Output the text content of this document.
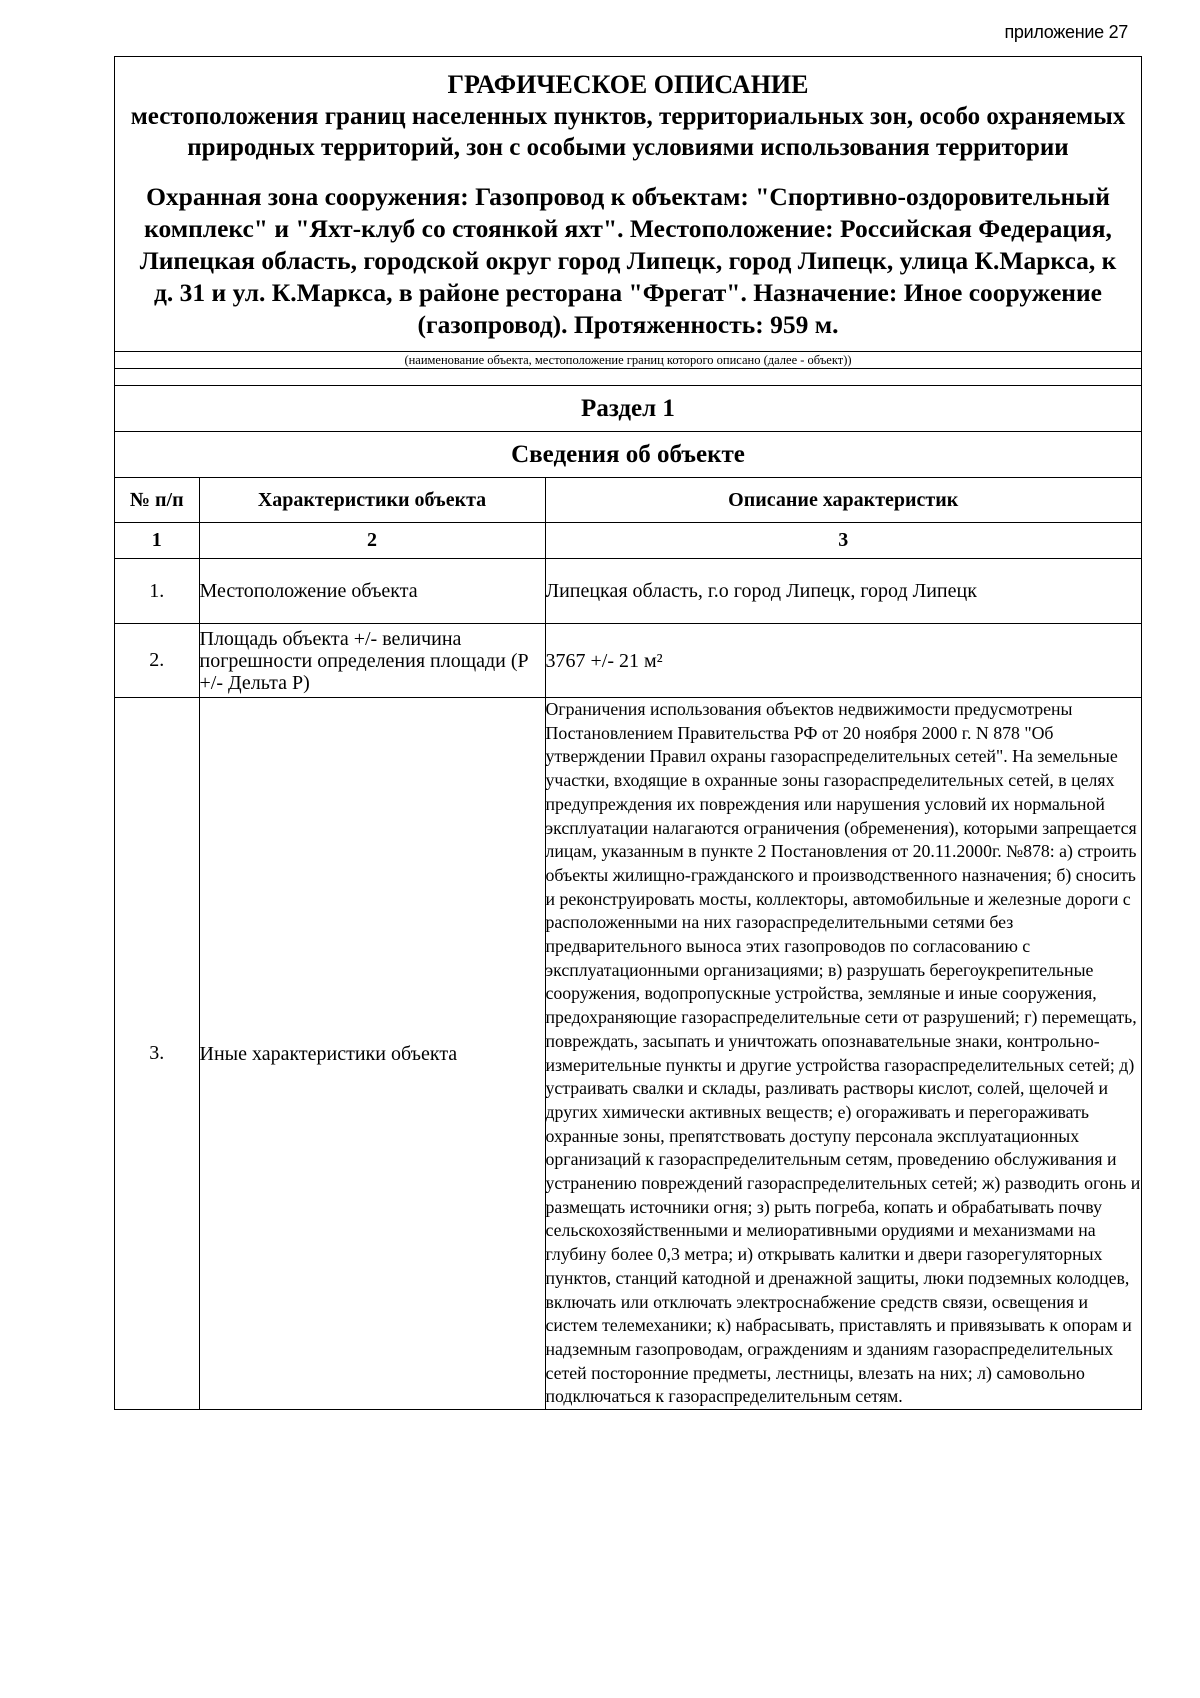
приложение 27

ГРАФИЧЕСКОЕ ОПИСАНИЕ

местоположения границ населенных пунктов, территориальных зон, особо охраняемых природных территорий, зон с особыми условиями использования территории

Охранная зона сооружения: Газопровод к объектам: "Спортивно-оздоровительный комплекс" и "Яхт-клуб со стоянкой яхт". Местоположение: Российская Федерация, Липецкая область, городской округ город Липецк, город Липецк, улица К.Маркса, к д. 31 и ул. К.Маркса, в районе ресторана "Фрегат". Назначение: Иное сооружение (газопровод). Протяженность: 959 м.

(наименование объекта, местоположение границ которого описано (далее - объект))
Раздел 1
Сведения об объекте
№ п/п	Характеристики объекта	Описание характеристик
1	2	3
1.	Местоположение объекта	Липецкая область, г.о город Липецк, город Липецк
2.	Площадь объекта +/- величина погрешности определения площади (Р +/- Дельта Р)	3767 +/- 21 м²
3.	Иные характеристики объекта	Ограничения использования объектов недвижимости предусмотрены Постановлением Правительства РФ от 20 ноября 2000 г. N 878 "Об утверждении Правил охраны газораспределительных сетей". На земельные участки, входящие в охранные зоны газораспределительных сетей, в целях предупреждения их повреждения или нарушения условий их нормальной эксплуатации налагаются ограничения (обременения), которыми запрещается лицам, указанным в пункте 2 Постановления от 20.11.2000г. №878: а) строить объекты жилищно-гражданского и производственного назначения; б) сносить и реконструировать мосты, коллекторы, автомобильные и железные дороги с расположенными на них газораспределительными сетями без предварительного выноса этих газопроводов по согласованию с эксплуатационными организациями; в) разрушать берегоукрепительные сооружения, водопропускные устройства, земляные и иные сооружения, предохраняющие газораспределительные сети от разрушений; г) перемещать, повреждать, засыпать и уничтожать опознавательные знаки, контрольно-измерительные пункты и другие устройства газораспределительных сетей; д) устраивать свалки и склады, разливать растворы кислот, солей, щелочей и других химически активных веществ; е) огораживать и перегораживать охранные зоны, препятствовать доступу персонала эксплуатационных организаций к газораспределительным сетям, проведению обслуживания и устранению повреждений газораспределительных сетей; ж) разводить огонь и размещать источники огня; з) рыть погреба, копать и обрабатывать почву сельскохозяйственными и мелиоративными орудиями и механизмами на глубину более 0,3 метра; и) открывать калитки и двери газорегуляторных пунктов, станций катодной и дренажной защиты, люки подземных колодцев, включать или отключать электроснабжение средств связи, освещения и систем телемеханики; к) набрасывать, приставлять и привязывать к опорам и надземным газопроводам, ограждениям и зданиям газораспределительных сетей посторонние предметы, лестницы, влезать на них; л) самовольно подключаться к газораспределительным сетям.
